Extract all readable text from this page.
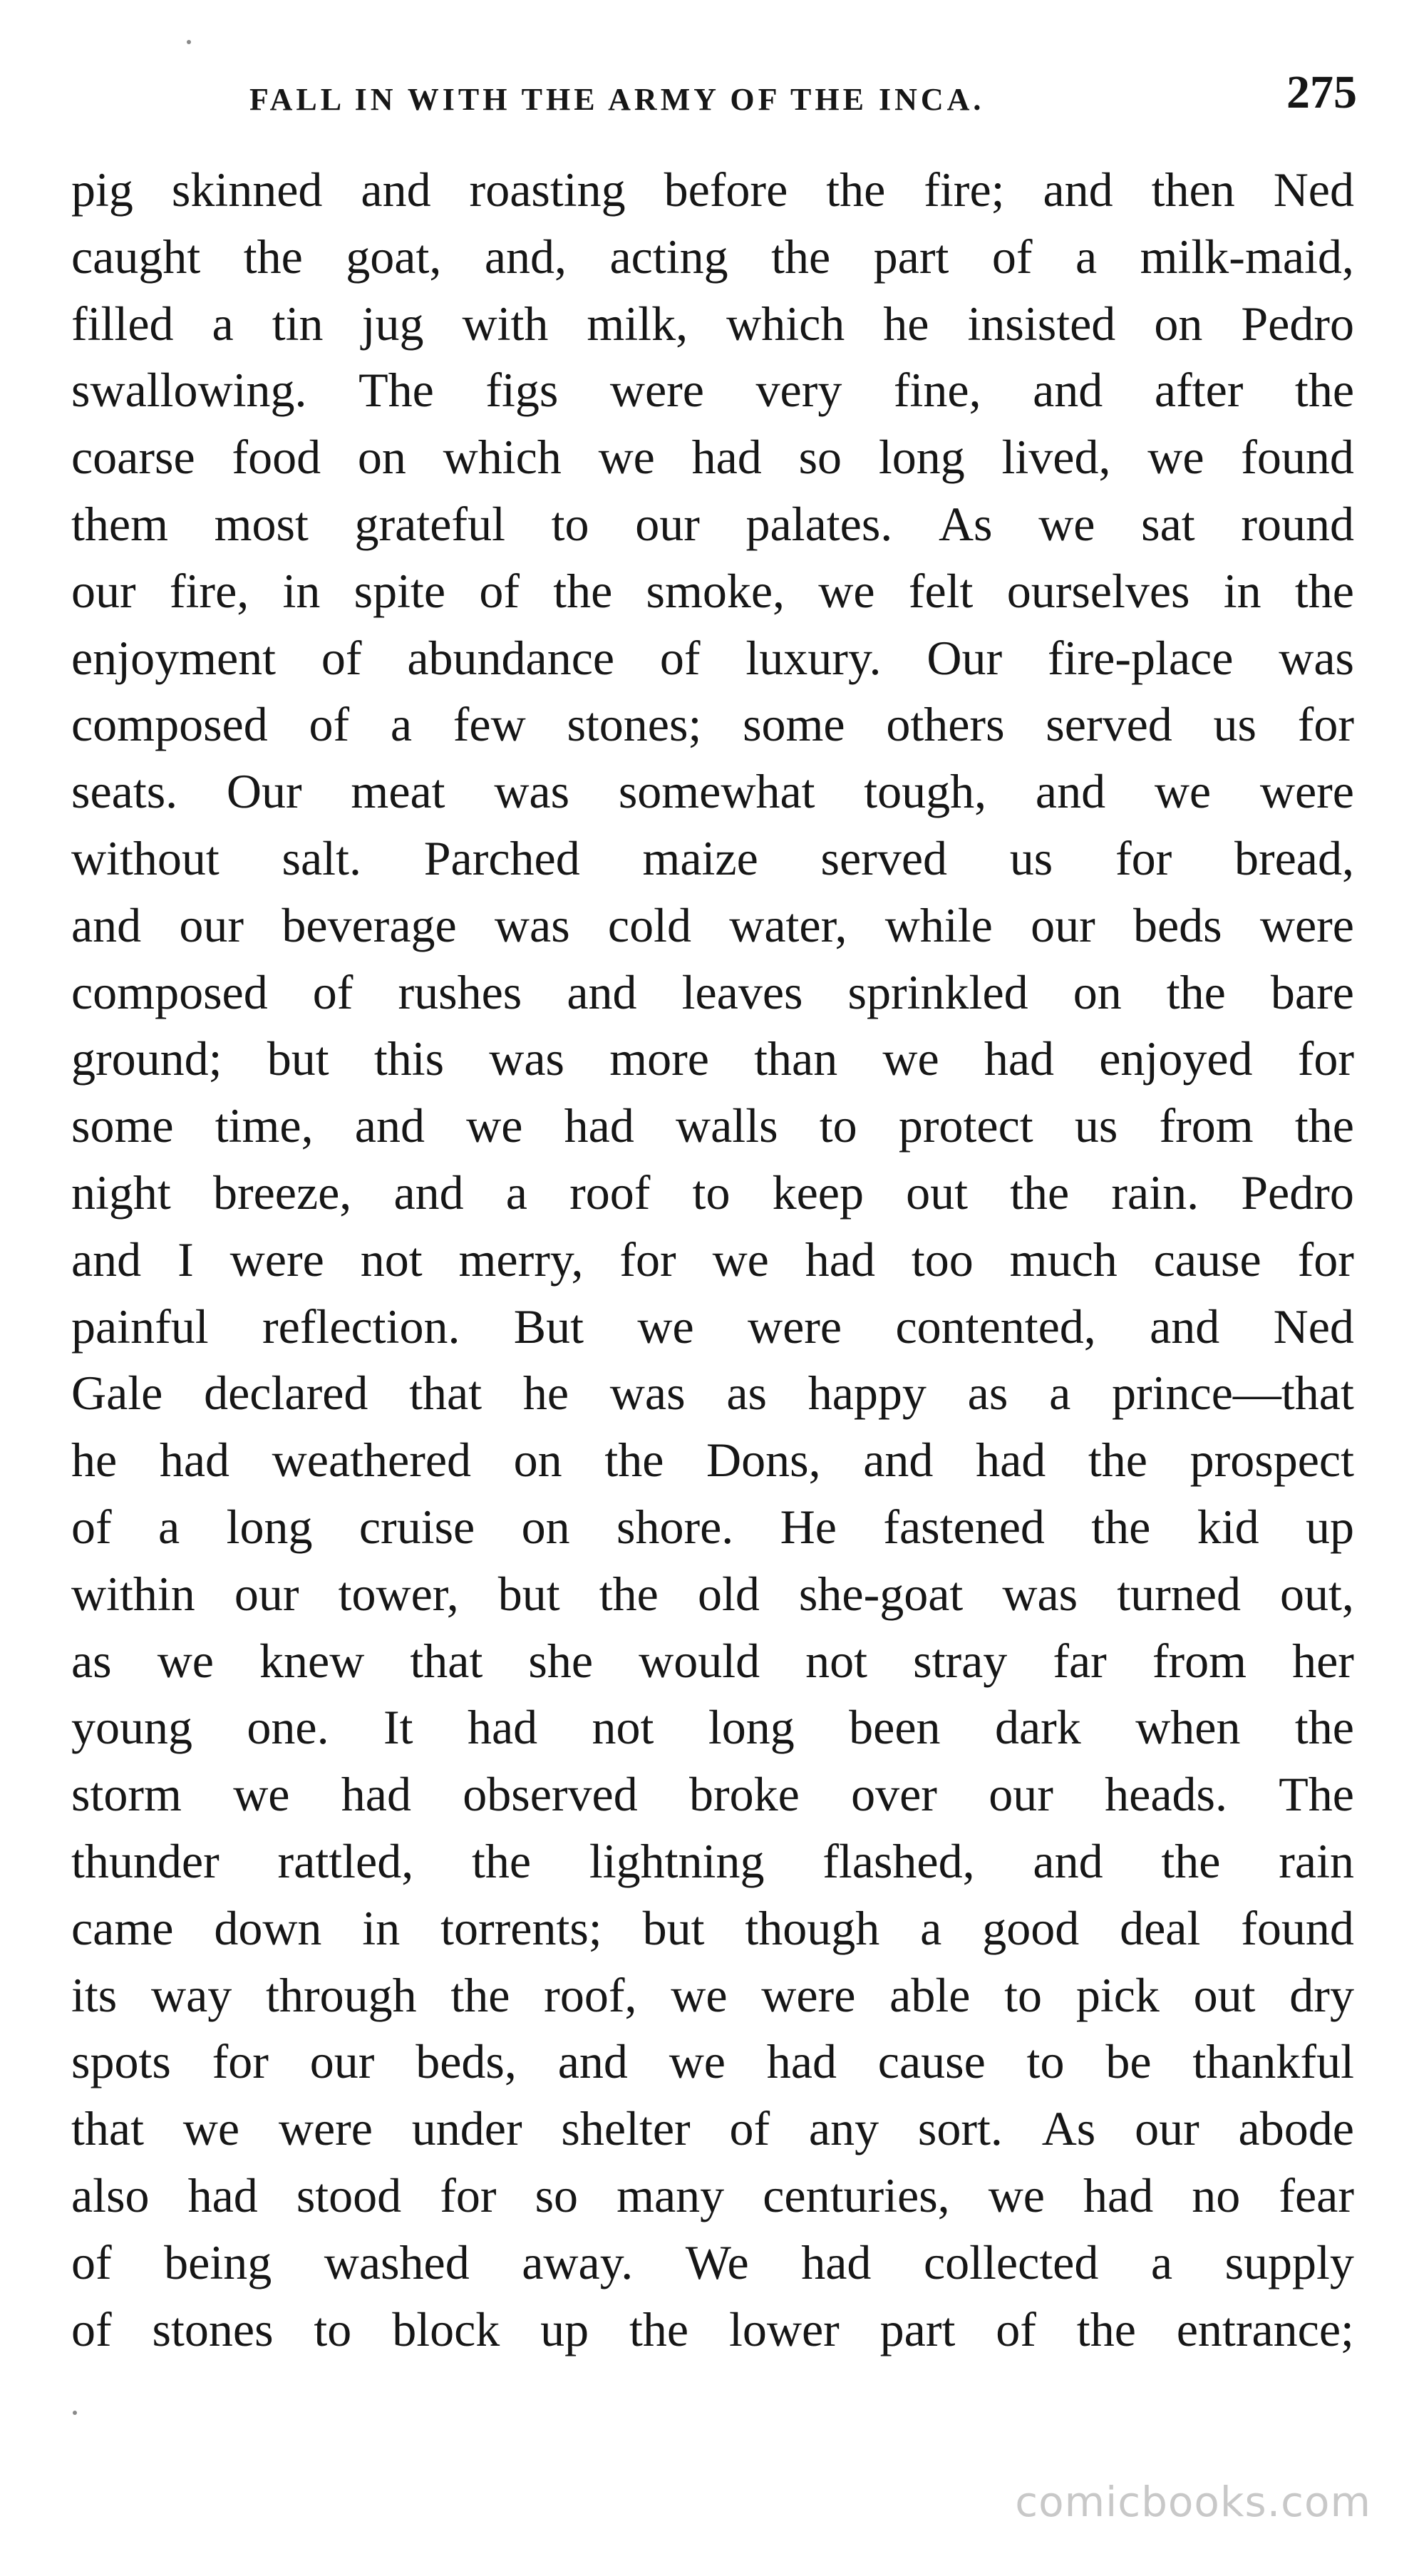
FALL IN WITH THE ARMY OF THE INCA.	275
pig skinned and roasting before the fire; and then Ned
caught the goat, and, acting the part of a milk-maid,
filled a tin jug with milk, which he insisted on Pedro
swallowing. The figs were very fine, and after the
coarse food on which we had so long lived, we found
them most grateful to our palates. As we sat round
our fire, in spite of the smoke, we felt ourselves in the
enjoyment of abundance of luxury. Our fire-place was
composed of a few stones; some others served us for
seats. Our meat was somewhat tough, and we were
without salt. Parched maize served us for bread,
and our beverage was cold water, while our beds were
composed of rushes and leaves sprinkled on the bare
ground; but this was more than we had enjoyed for
some time, and we had walls to protect us from the
night breeze, and a roof to keep out the rain. Pedro
and I were not merry, for we had too much cause for
painful reflection. But we were contented, and Ned
Gale declared that he was as happy as a prince—that
he had weathered on the Dons, and had the prospect
of a long cruise on shore. He fastened the kid up
within our tower, but the old she-goat was turned out,
as we knew that she would not stray far from her
young one. It had not long been dark when the
storm we had observed broke over our heads. The
thunder rattled, the lightning flashed, and the rain
came down in torrents; but though a good deal found
its way through the roof, we were able to pick out dry
spots for our beds, and we had cause to be thankful
that we were under shelter of any sort. As our abode
also had stood for so many centuries, we had no fear
of being washed away. We had collected a supply
of stones to block up the lower part of the entrance;
comicbooks.com
